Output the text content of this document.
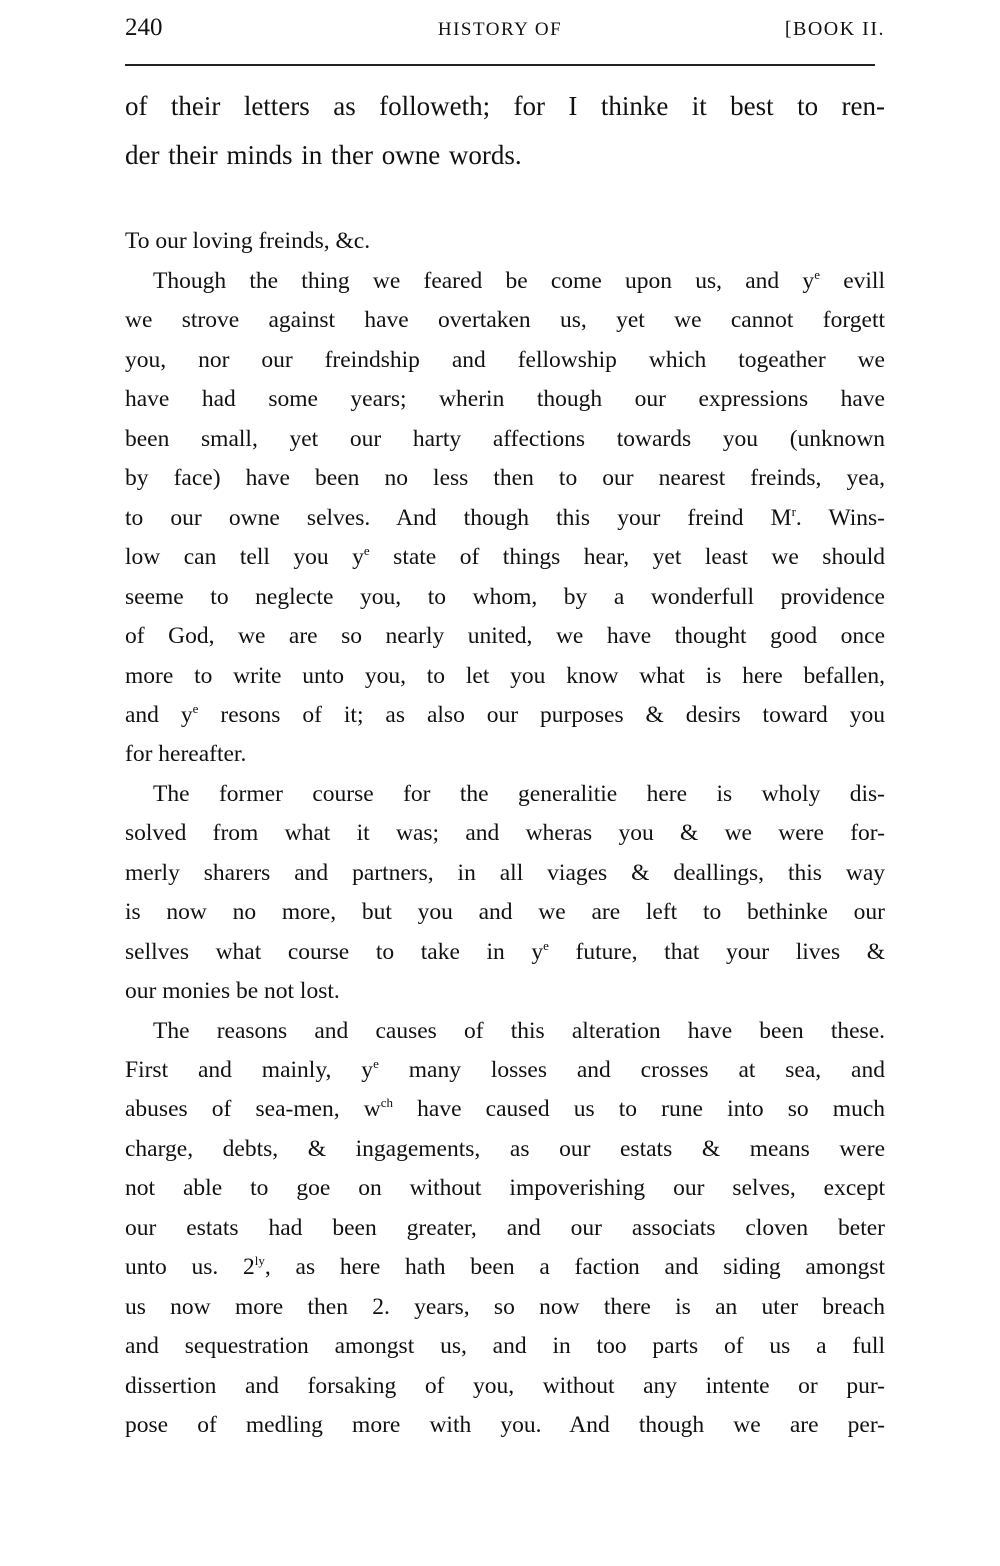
240	HISTORY OF	[BOOK II.
of their letters as followeth; for I thinke it best to ren-
der their minds in ther owne words.
Though the thing we feared be come upon us, and $y^e$ evill
we strove against have overtaken us, yet we cannot forgett
you, nor our freindship and fellowship which togeather we
have had some years; wherin though our expressions have
been small, yet our harty affections towards you (unknown
by face) have been no less then to our nearest freinds, yea,
to our owne selves. And though this your freind $M^r$. Wins-
low can tell you $y^e$ state of things hear, yet least we should
seeme to neglecte you, to whom, by a wonderfull providence
of God, we are so nearly united, we have thought good once
more to write unto you, to let you know what is here befallen,
and $y^e$ resons of it; as also our purposes & desirs toward you
for hereafter.
The former course for the generalitie here is wholy dis-
solved from what it was; and wheras you & we were for-
merly sharers and partners, in all viages & deallings, this way
is now no more, but you and we are left to bethinke our
sellves what course to take in $y^e$ future, that your lives &
our monies be not lost.
The reasons and causes of this alteration have been these.
First and mainly, $y^e$ many losses and crosses at sea, and
abuses of sea-men, $w^{ch}$ have caused us to rune into so much
charge, debts, & ingagements, as our estats & means were
not able to goe on without impoverishing our selves, except
our estats had been greater, and our associats cloven beter
unto us. $2^{ly}$, as here hath been a faction and siding amongst
us now more then 2. years, so now there is an uter breach
and sequestration amongst us, and in too parts of us a full
dissertion and forsaking of you, without any intente or pur-
pose of medling more with you. And though we are per-
To our loving freinds, &c.
